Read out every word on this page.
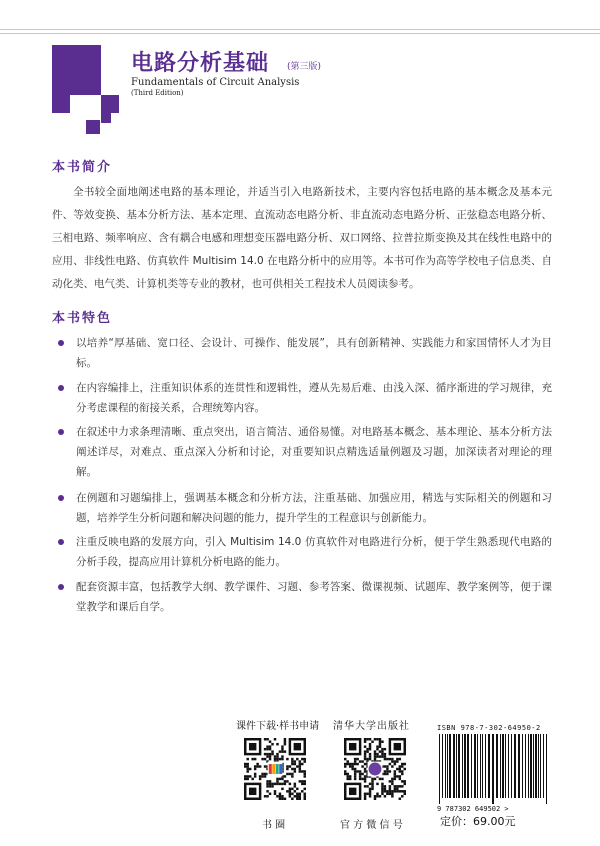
电路分析基础 (第三版)
Fundamentals of Circuit Analysis
(Third Edition)
本书简介

全书较全面地阐述电路的基本理论，并适当引入电路新技术，主要内容包括电路的基本概念及基本元件、等效变换、基本分析方法、基本定理、直流动态电路分析、非直流动态电路分析、正弦稳态电路分析、三相电路、频率响应、含有耦合电感和理想变压器电路分析、双口网络、拉普拉斯变换及其在线性电路中的应用、非线性电路、仿真软件 Multisim 14.0 在电路分析中的应用等。本书可作为高等学校电子信息类、自动化类、电气类、计算机类等专业的教材，也可供相关工程技术人员阅读参考。

本书特色
以培养“厚基础、宽口径、会设计、可操作、能发展”，具有创新精神、实践能力和家国情怀人才为目标。
在内容编排上，注重知识体系的连贯性和逻辑性，遵从先易后难、由浅入深、循序渐进的学习规律，充分考虑课程的衔接关系，合理统筹内容。
在叙述中力求条理清晰、重点突出，语言简洁、通俗易懂。对电路基本概念、基本理论、基本分析方法阐述详尽，对难点、重点深入分析和讨论，对重要知识点精选适量例题及习题，加深读者对理论的理解。
在例题和习题编排上，强调基本概念和分析方法，注重基础、加强应用，精选与实际相关的例题和习题，培养学生分析问题和解决问题的能力，提升学生的工程意识与创新能力。
注重反映电路的发展方向，引入 Multisim 14.0 仿真软件对电路进行分析，便于学生熟悉现代电路的分析手段，提高应用计算机分析电路的能力。
配套资源丰富，包括教学大纲、教学课件、习题、参考答案、微课视频、试题库、教学案例等，便于课堂教学和课后自学。
课件下载·样书申请
书 圈
清华大学出版社
官 方 微 信 号
ISBN 978-7-302-64950-2
9 787302 649502 >
定价：69.00元
